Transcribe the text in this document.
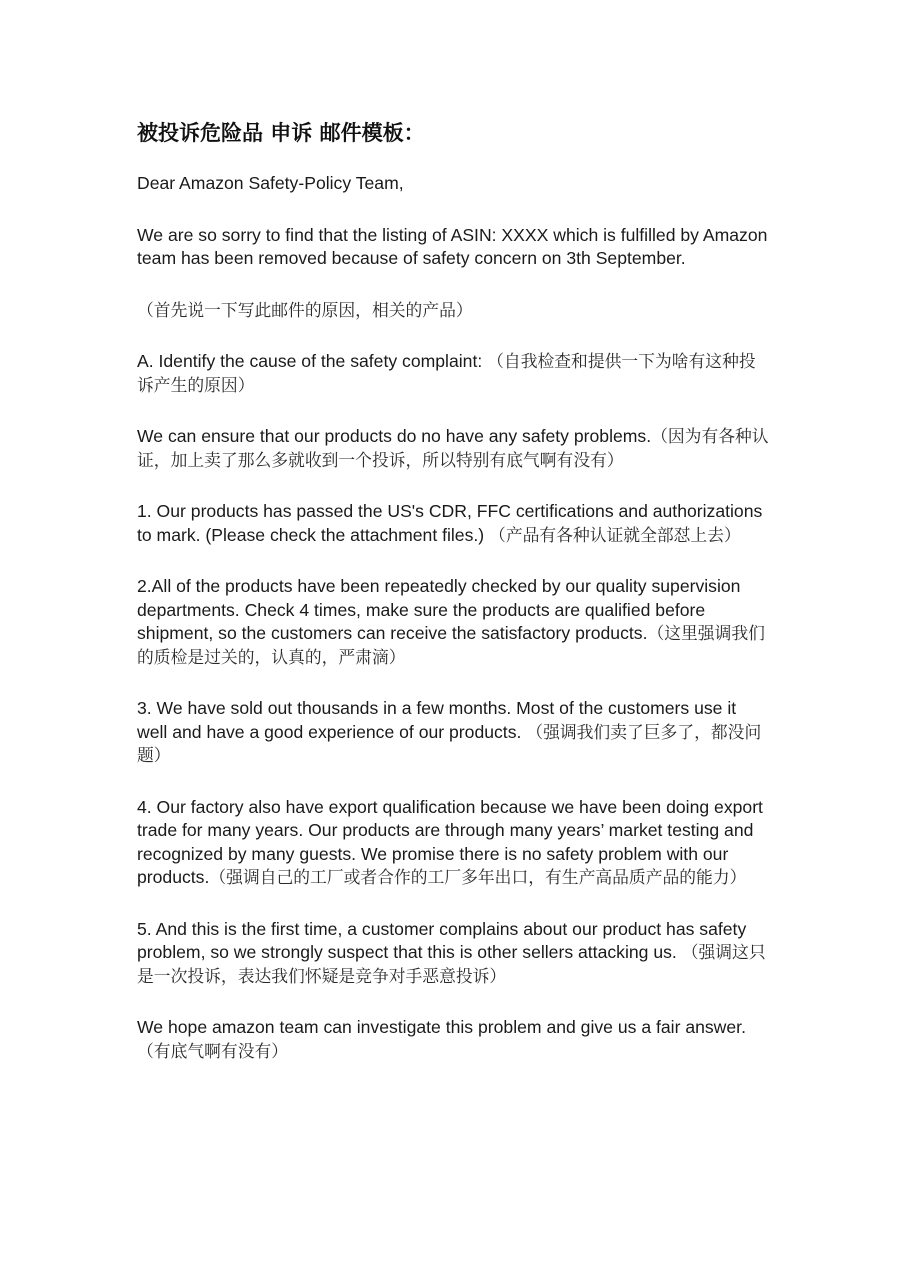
被投诉危险品 申诉 邮件模板：

Dear Amazon Safety-Policy Team,

We are so sorry to find that the listing of ASIN: XXXX which is fulfilled by Amazon team has been removed because of safety concern on 3th September.

（首先说一下写此邮件的原因，相关的产品）

A. Identify the cause of the safety complaint: （自我检查和提供一下为啥有这种投诉产生的原因）

We can ensure that our products do no have any safety problems.（因为有各种认证，加上卖了那么多就收到一个投诉，所以特别有底气啊有没有）

1. Our products has passed the US's CDR, FFC certifications and authorizations to mark. (Please check the attachment files.) （产品有各种认证就全部怼上去）

2.All of the products have been repeatedly checked by our quality supervision departments. Check 4 times, make sure the products are qualified before shipment, so the customers can receive the satisfactory products.（这里强调我们的质检是过关的，认真的，严肃滴）

3. We have sold out thousands in a few months. Most of the customers use it well and have a good experience of our products. （强调我们卖了巨多了，都没问题）

4. Our factory also have export qualification because we have been doing export trade for many years. Our products are through many years’ market testing and recognized by many guests. We promise there is no safety problem with our products.（强调自己的工厂或者合作的工厂多年出口，有生产高品质产品的能力）

5. And this is the first time, a customer complains about our product has safety problem, so we strongly suspect that this is other sellers attacking us. （强调这只是一次投诉，表达我们怀疑是竞争对手恶意投诉）

We hope amazon team can investigate this problem and give us a fair answer.（有底气啊有没有）
